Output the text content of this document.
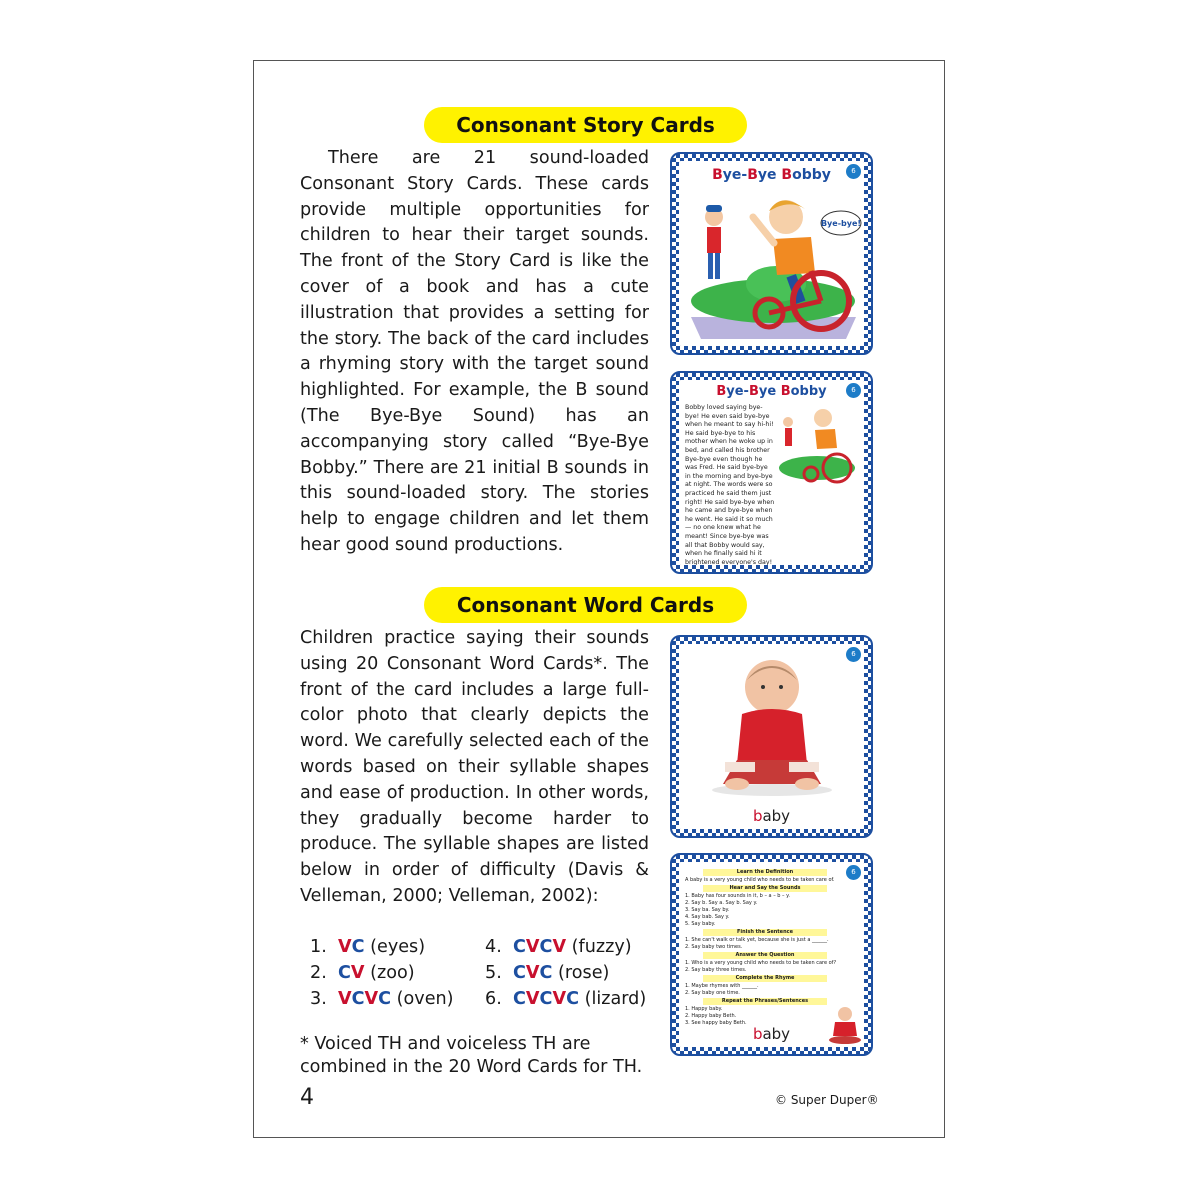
Consonant Story Cards

There are 21 sound-loaded Consonant Story Cards. These cards provide multiple opportunities for children to hear their target sounds. The front of the Story Card is like the cover of a book and has a cute illustration that provides a setting for the story. The back of the card includes a rhyming story with the target sound highlighted. For example, the B sound (The Bye-Bye Sound) has an accompanying story called “Bye-Bye Bobby.” There are 21 initial B sounds in this sound-loaded story. The stories help to engage children and let them hear good sound productions.

Bye-Bye Bobby	6
Bye-bye!
Bye-Bye Bobby	6
Bobby loved saying bye-bye! He even said bye-bye when he meant to say hi-hi! He said bye-bye to his mother when he woke up in bed, and called his brother Bye-bye even though he was Fred. He said bye-bye in the morning and bye-bye at night. The words were so practiced he said them just right! He said bye-bye when he came and bye-bye when he went. He said it so much — no one knew what he meant! Since bye-bye was all that Bobby would say, when he finally said hi it brightened everyone's day!
Consonant Word Cards

Children practice saying their sounds using 20 Consonant Word Cards*. The front of the card includes a large full-color photo that clearly depicts the word. We carefully selected each of the words based on their syllable shapes and ease of production. In other words, they gradually become harder to produce. The syllable shapes are listed below in order of difficulty (Davis & Velleman, 2000; Velleman, 2002):

6
baby
6
Learn the Definition
A baby is a very young child who needs to be taken care of.
Hear and Say the Sounds
1. Baby has four sounds in it, b – a – b – y.
2. Say b. Say a. Say b. Say y.
3. Say ba. Say by.
4. Say bab. Say y.
5. Say baby.
Finish the Sentence
1. She can't walk or talk yet, because she is just a ______.
2. Say baby two times.
Answer the Question
1. Who is a very young child who needs to be taken care of?
2. Say baby three times.
Complete the Rhyme
1. Maybe rhymes with ______.
2. Say baby one time.
Repeat the Phrases/Sentences
1. Happy baby.
2. Happy baby Beth.
3. See happy baby Beth.
baby
1. VC (eyes)
2. CV (zoo)
3. VCVC (oven)
4. CVCV (fuzzy)
5. CVC (rose)
6. CVCVC (lizard)
* Voiced TH and voiceless TH are
combined in the 20 Word Cards for TH.
4	© Super Duper®
